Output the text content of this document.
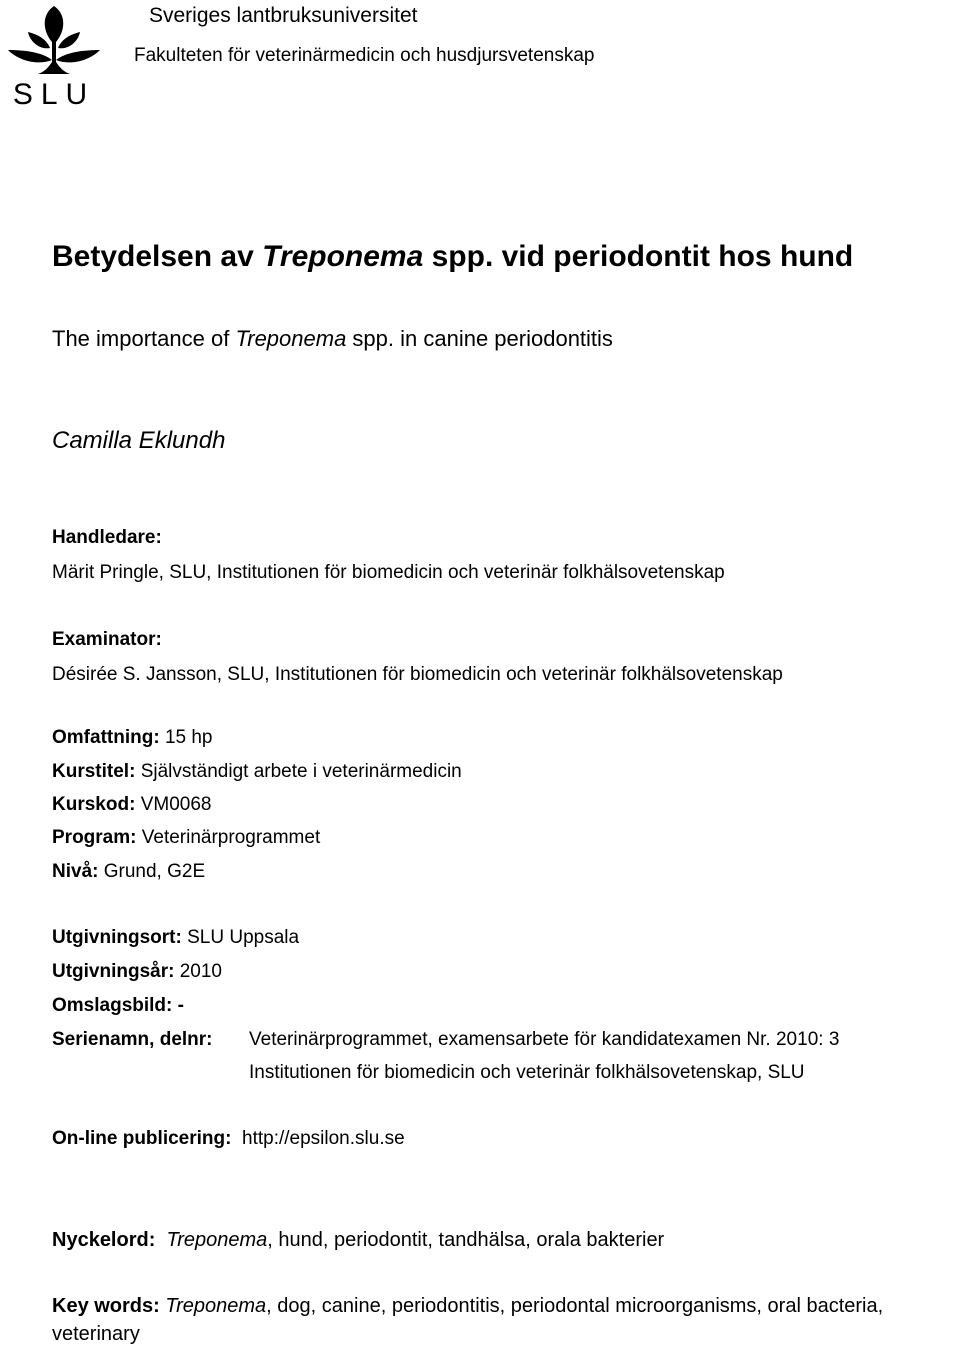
SLU
Sveriges lantbruksuniversitet
Fakulteten för veterinärmedicin och husdjursvetenskap
Betydelsen av Treponema spp. vid periodontit hos hund
The importance of Treponema spp. in canine periodontitis
Camilla Eklundh
Handledare:
Märit Pringle, SLU, Institutionen för biomedicin och veterinär folkhälsovetenskap
Examinator:
Désirée S. Jansson, SLU, Institutionen för biomedicin och veterinär folkhälsovetenskap
Omfattning: 15 hp
Kurstitel: Självständigt arbete i veterinärmedicin
Kurskod: VM0068
Program: Veterinärprogrammet
Nivå: Grund, G2E
Utgivningsort: SLU Uppsala
Utgivningsår: 2010
Omslagsbild: -
Serienamn, delnr: Veterinärprogrammet, examensarbete för kandidatexamen Nr. 2010: 3
Institutionen för biomedicin och veterinär folkhälsovetenskap, SLU
On-line publicering: http://epsilon.slu.se
Nyckelord: Treponema, hund, periodontit, tandhälsa, orala bakterier
Key words: Treponema, dog, canine, periodontitis, periodontal microorganisms, oral bacteria, veterinary
